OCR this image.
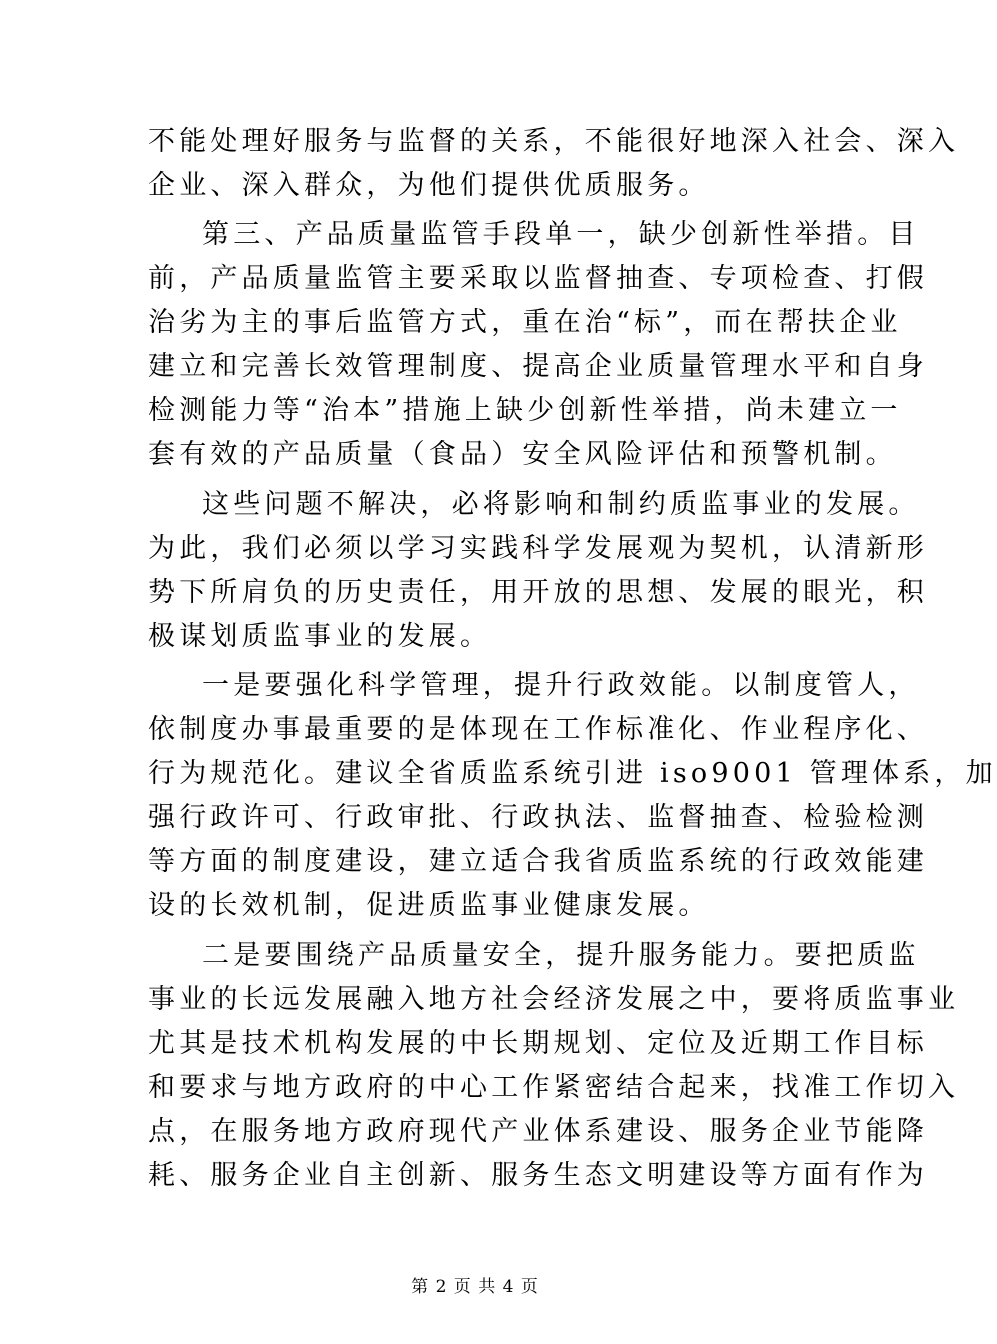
不能处理好服务与监督的关系，不能很好地深入社会、深入
企业、深入群众，为他们提供优质服务。
第三、产品质量监管手段单一，缺少创新性举措。目
前，产品质量监管主要采取以监督抽查、专项检查、打假
治劣为主的事后监管方式，重在治“标”，而在帮扶企业
建立和完善长效管理制度、提高企业质量管理水平和自身
检测能力等“治本”措施上缺少创新性举措，尚未建立一
套有效的产品质量（食品）安全风险评估和预警机制。
这些问题不解决，必将影响和制约质监事业的发展。
为此，我们必须以学习实践科学发展观为契机，认清新形
势下所肩负的历史责任，用开放的思想、发展的眼光，积
极谋划质监事业的发展。
一是要强化科学管理，提升行政效能。以制度管人，
依制度办事最重要的是体现在工作标准化、作业程序化、
行为规范化。建议全省质监系统引进 iso9001 管理体系，加
强行政许可、行政审批、行政执法、监督抽查、检验检测
等方面的制度建设，建立适合我省质监系统的行政效能建
设的长效机制，促进质监事业健康发展。
二是要围绕产品质量安全，提升服务能力。要把质监
事业的长远发展融入地方社会经济发展之中，要将质监事业
尤其是技术机构发展的中长期规划、定位及近期工作目标
和要求与地方政府的中心工作紧密结合起来，找准工作切入
点，在服务地方政府现代产业体系建设、服务企业节能降
耗、服务企业自主创新、服务生态文明建设等方面有作为
第 2 页 共 4 页
